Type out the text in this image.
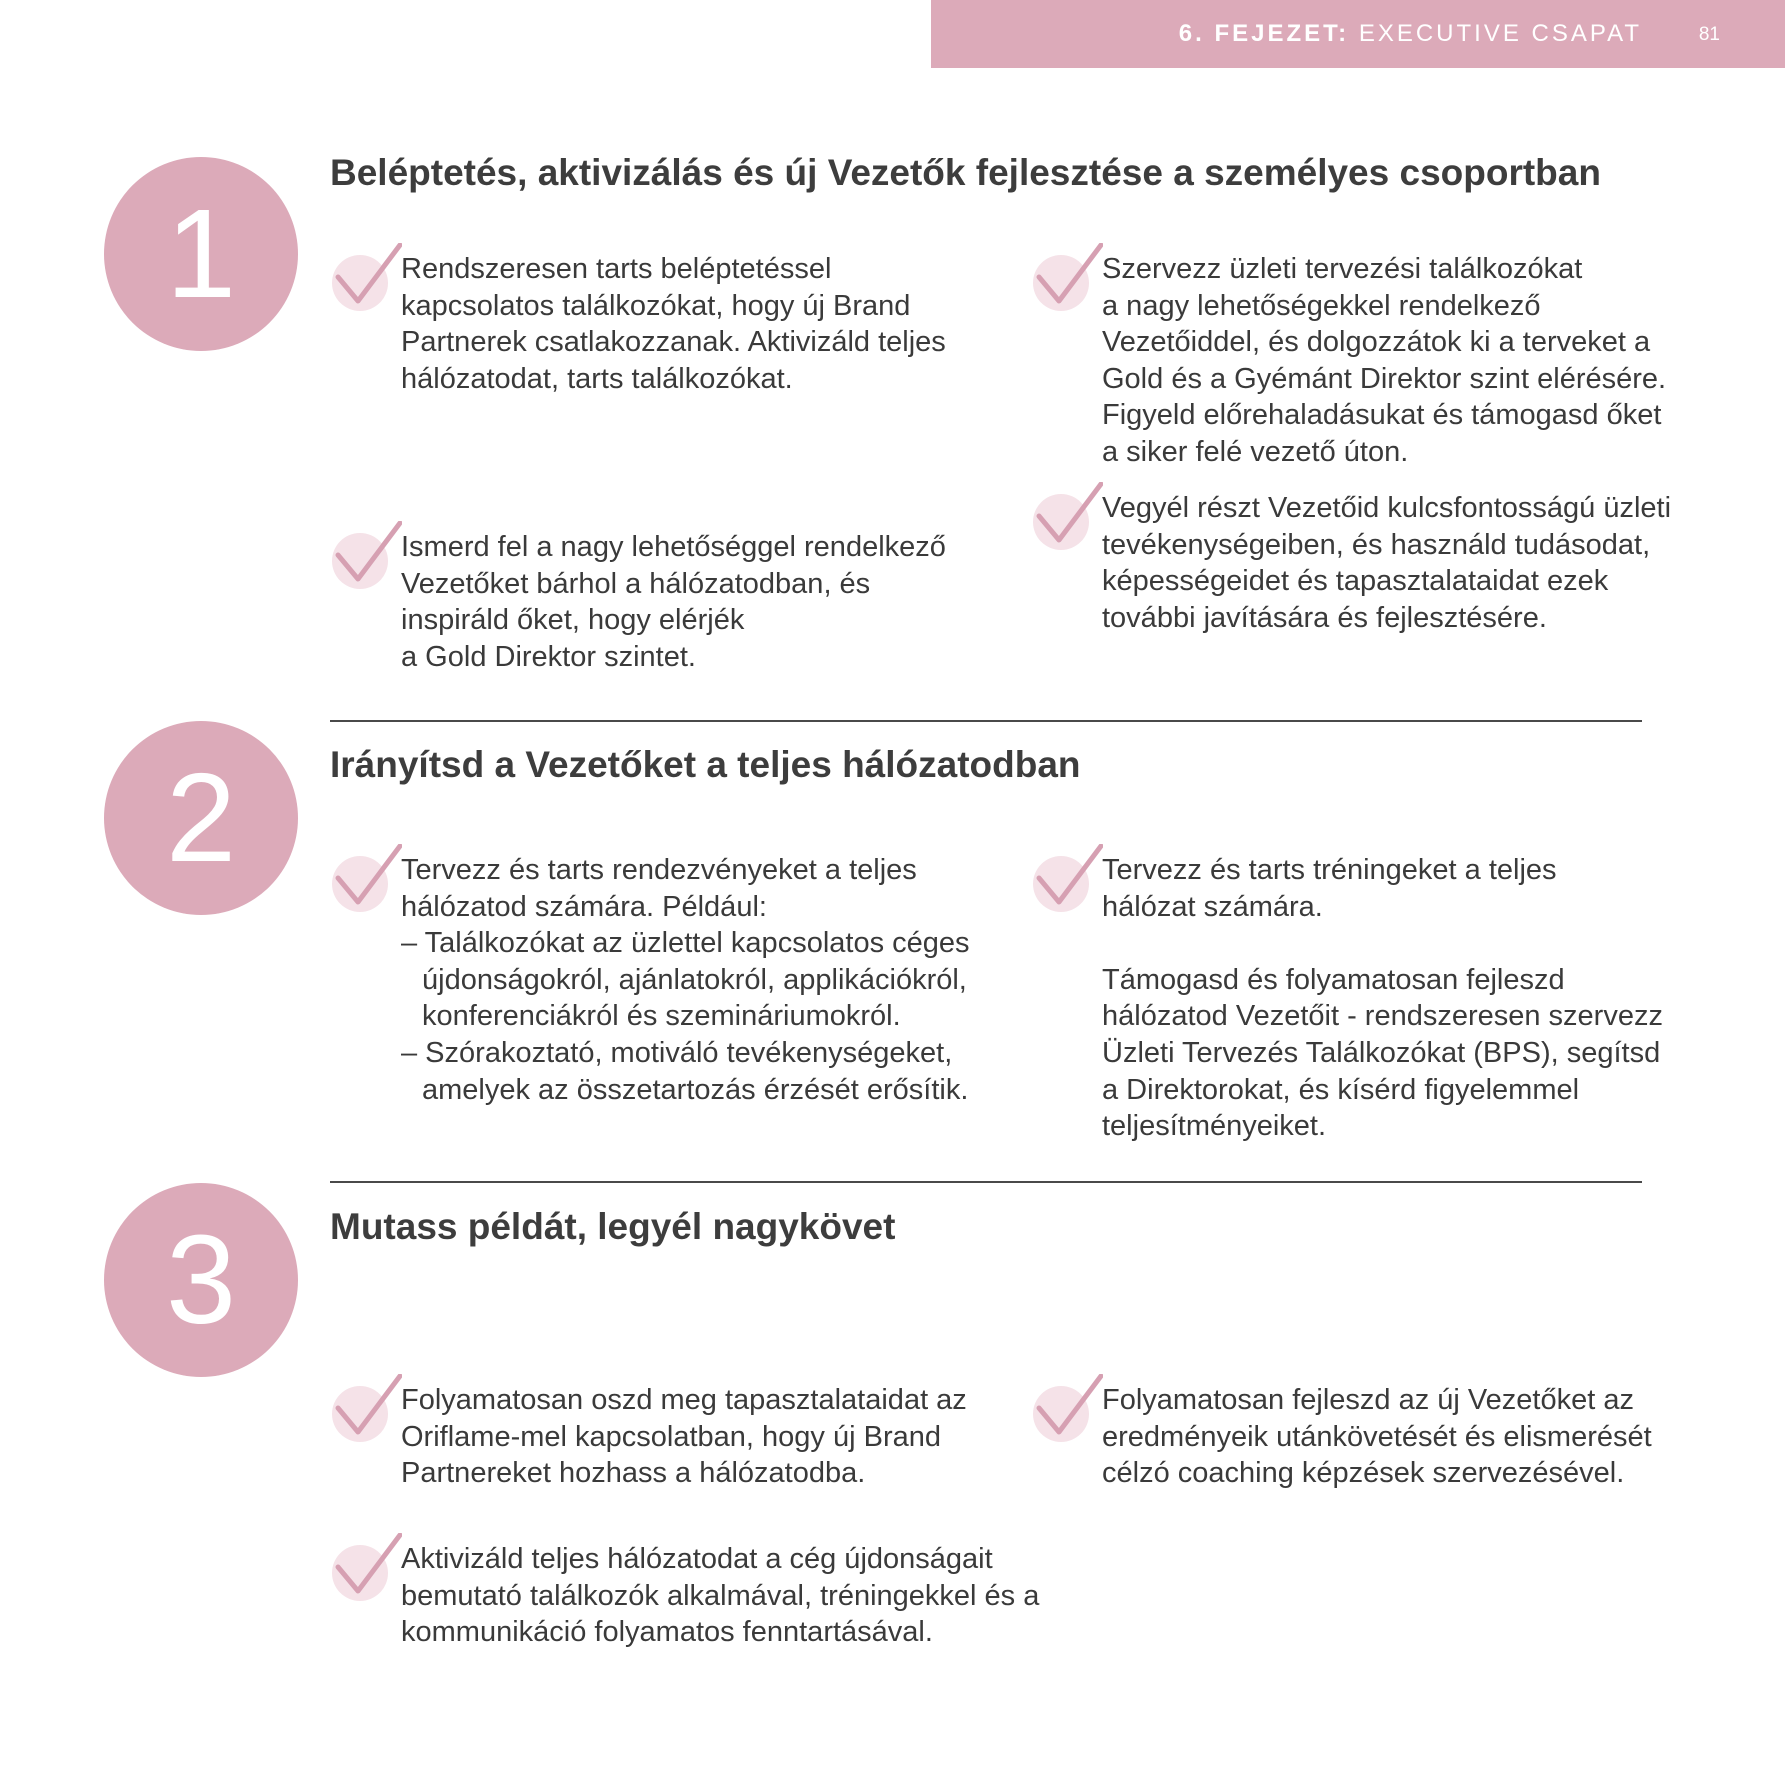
6. FEJEZET: EXECUTIVE CSAPAT	81
1
Beléptetés, aktivizálás és új Vezetők fejlesztése a személyes csoportban
Rendszeresen tarts beléptetéssel
kapcsolatos találkozókat, hogy új Brand
Partnerek csatlakozzanak. Aktivizáld teljes
hálózatodat, tarts találkozókat.
Szervezz üzleti tervezési találkozókat
a nagy lehetőségekkel rendelkező
Vezetőiddel, és dolgozzátok ki a terveket a
Gold és a Gyémánt Direktor szint elérésére.
Figyeld előrehaladásukat és támogasd őket
a siker felé vezető úton.
Ismerd fel a nagy lehetőséggel rendelkező
Vezetőket bárhol a hálózatodban, és
inspiráld őket, hogy elérjék
a Gold Direktor szintet.
Vegyél részt Vezetőid kulcsfontosságú üzleti
tevékenységeiben, és használd tudásodat,
képességeidet és tapasztalataidat ezek
további javítására és fejlesztésére.
2	Irányítsd a Vezetőket a teljes hálózatodban
Tervezz és tarts rendezvényeket a teljes
hálózatod számára. Például:
– Találkozókat az üzlettel kapcsolatos céges
újdonságokról, ajánlatokról, applikációkról,
konferenciákról és szemináriumokról.
– Szórakoztató, motiváló tevékenységeket,
amelyek az összetartozás érzését erősítik.
Tervezz és tarts tréningeket a teljes
hálózat számára.
Támogasd és folyamatosan fejleszd
hálózatod Vezetőit - rendszeresen szervezz
Üzleti Tervezés Találkozókat (BPS), segítsd
a Direktorokat, és kísérd figyelemmel
teljesítményeiket.
3	Mutass példát, legyél nagykövet
Folyamatosan oszd meg tapasztalataidat az
Oriflame-mel kapcsolatban, hogy új Brand
Partnereket hozhass a hálózatodba.
Folyamatosan fejleszd az új Vezetőket az
eredményeik utánkövetését és elismerését
célzó coaching képzések szervezésével.
Aktivizáld teljes hálózatodat a cég újdonságait
bemutató találkozók alkalmával, tréningekkel és a
kommunikáció folyamatos fenntartásával.
